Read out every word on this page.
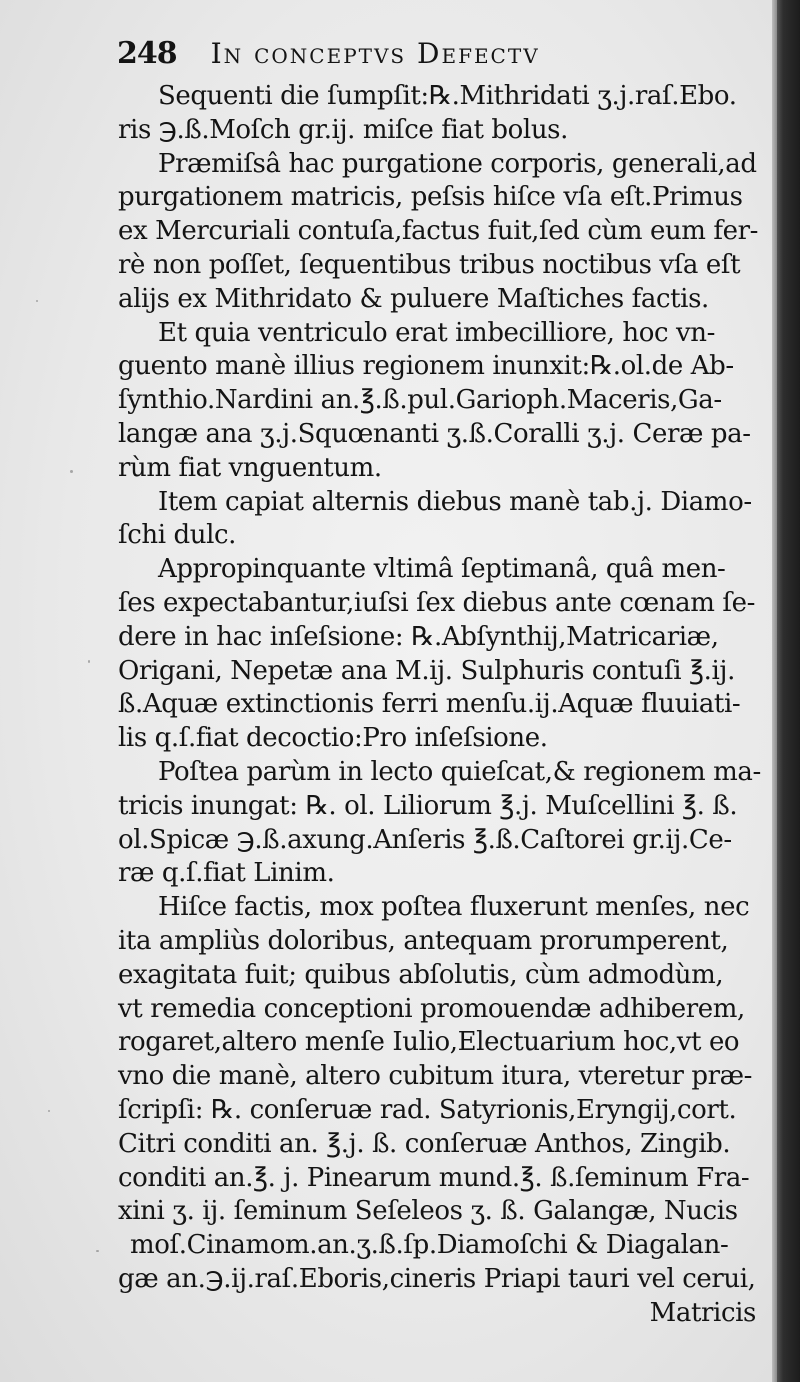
248 In conceptvs Defectv
Sequenti die ſumpſit:℞.Mithridati ʒ.j.raſ.Ebo.
ris ℈.ß.Moſch gr.ij. miſce fiat bolus.
Præmiſsâ hac purgatione corporis, generali,ad
purgationem matricis, peſsis hiſce vſa eſt.Primus
ex Mercuriali contuſa,factus fuit,ſed cùm eum fer-
rè non poſſet, ſequentibus tribus noctibus vſa eſt
alijs ex Mithridato & puluere Maſtiches factis.
Et quia ventriculo erat imbecilliore, hoc vn-
guento manè illius regionem inunxit:℞.ol.de Ab-
ſynthio.Nardini an.℥.ß.pul.Garioph.Maceris,Ga-
langæ ana ʒ.j.Squœnanti ʒ.ß.Coralli ʒ.j. Ceræ pa-
rùm fiat vnguentum.
Item capiat alternis diebus manè tab.j. Diamo-
ſchi dulc.
Appropinquante vltimâ ſeptimanâ, quâ men-
ſes expectabantur,iuſsi ſex diebus ante cœnam ſe-
dere in hac inſeſsione: ℞.Abſynthij,Matricariæ,
Origani, Nepetæ ana M.ij. Sulphuris contuſi ℥.ij.
ß.Aquæ extinctionis ferri menſu.ij.Aquæ fluuiati-
lis q.ſ.fiat decoctio:Pro inſeſsione.
Poſtea parùm in lecto quieſcat,& regionem ma-
tricis inungat: ℞. ol. Liliorum ℥.j. Muſcellini ℥. ß.
ol.Spicæ ℈.ß.axung.Anſeris ℥.ß.Caſtorei gr.ij.Ce-
ræ q.ſ.fiat Linim.
Hiſce factis, mox poſtea fluxerunt menſes, nec
ita ampliùs doloribus, antequam prorumperent,
exagitata fuit; quibus abſolutis, cùm admodùm,
vt remedia conceptioni promouendæ adhiberem,
rogaret,altero menſe Iulio,Electuarium hoc,vt eo
vno die manè, altero cubitum itura, vteretur præ-
ſcripſi: ℞. conſeruæ rad. Satyrionis,Eryngij,cort.
Citri conditi an. ℥.j. ß. conſeruæ Anthos, Zingib.
conditi an.℥. j. Pinearum mund.℥. ß.ſeminum Fra-
xini ʒ. ij. ſeminum Seſeleos ʒ. ß. Galangæ, Nucis
moſ.Cinamom.an.ʒ.ß.ſp.Diamoſchi & Diagalan-
gæ an.℈.ij.raſ.Eboris,cineris Priapi tauri vel cerui,
Matricis
